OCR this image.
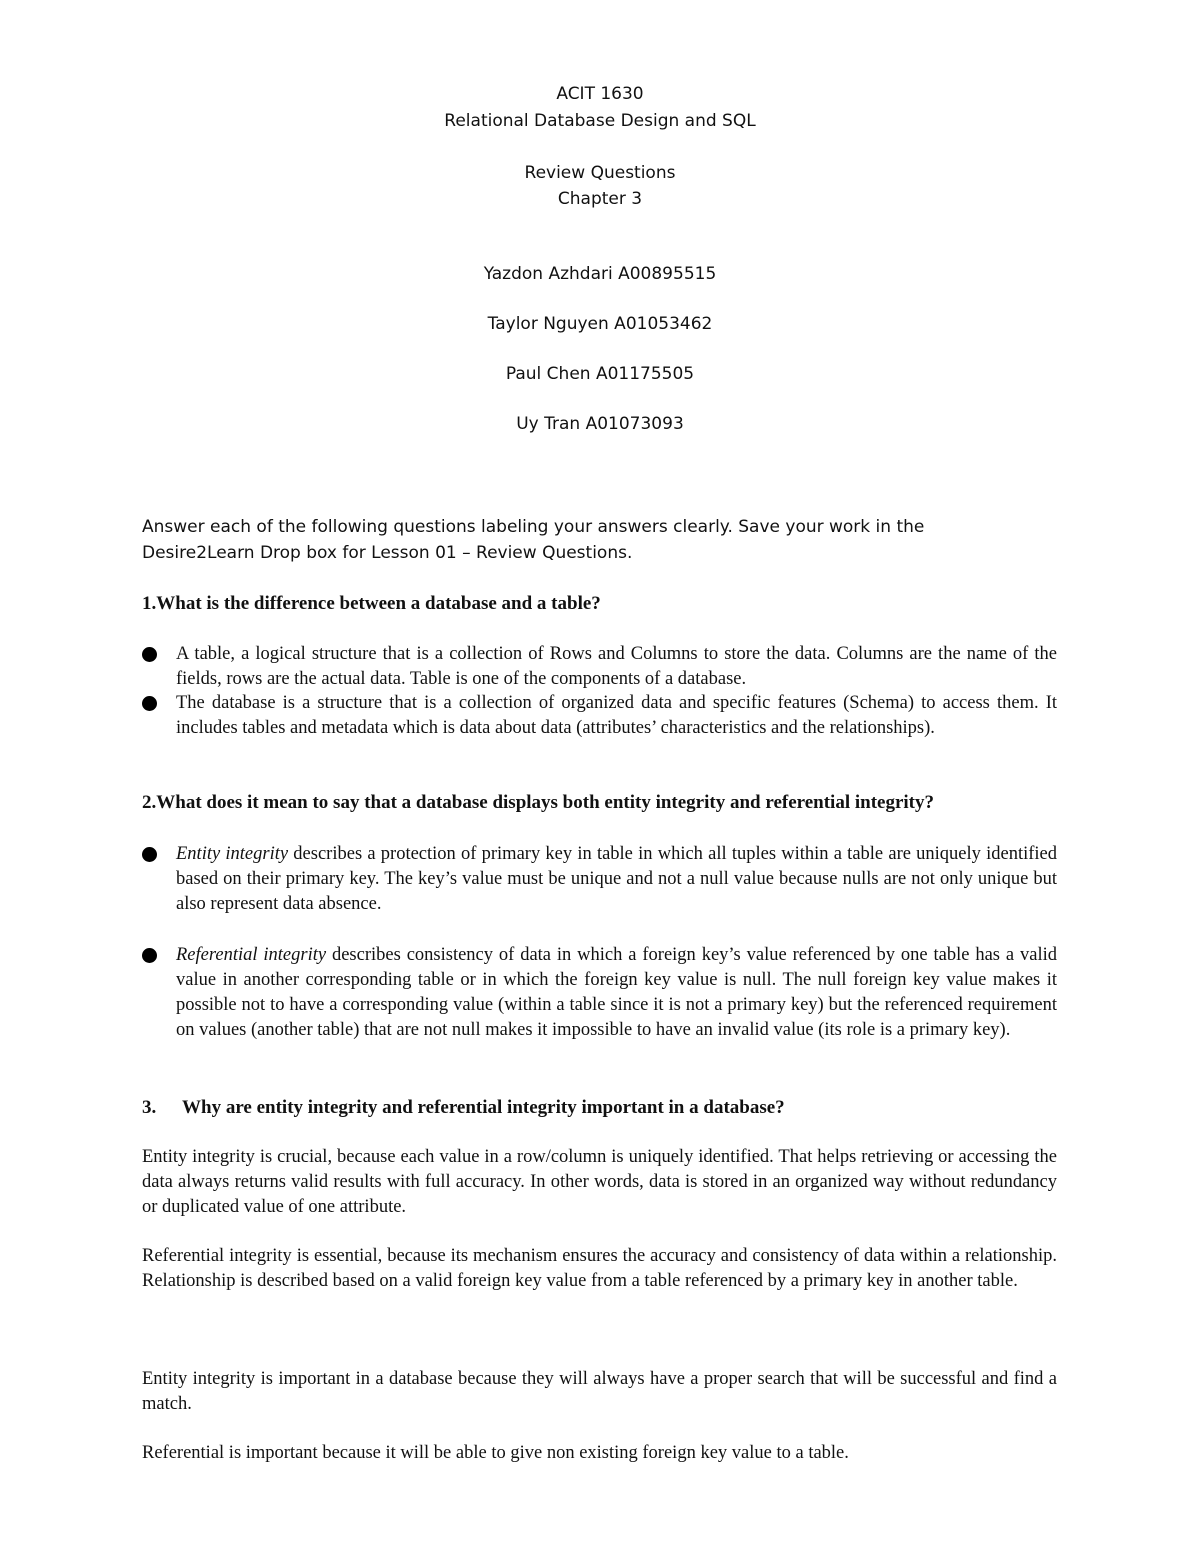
ACIT 1630
Relational Database Design and SQL
Review Questions
Chapter 3
Yazdon Azhdari A00895515
Taylor Nguyen A01053462
Paul Chen A01175505
Uy Tran A01073093
Answer each of the following questions labeling your answers clearly. Save your work in the
Desire2Learn Drop box for Lesson 01 – Review Questions.
1.What is the difference between a database and a table?
A table, a logical structure that is a collection of Rows and Columns to store the data. Columns are the name of the fields, rows are the actual data. Table is one of the components of a database.
The database is a structure that is a collection of organized data and specific features (Schema) to access them. It includes tables and metadata which is data about data (attributes’ characteristics and the relationships).
2.What does it mean to say that a database displays both entity integrity and referential integrity?
Entity integrity describes a protection of primary key in table in which all tuples within a table are uniquely identified based on their primary key. The key’s value must be unique and not a null value because nulls are not only unique but also represent data absence.
Referential integrity describes consistency of data in which a foreign key’s value referenced by one table has a valid value in another corresponding table or in which the foreign key value is null. The null foreign key value makes it possible not to have a corresponding value (within a table since it is not a primary key) but the referenced requirement on values (another table) that are not null makes it impossible to have an invalid value (its role is a primary key).
3. Why are entity integrity and referential integrity important in a database?
Entity integrity is crucial, because each value in a row/column is uniquely identified. That helps retrieving or accessing the data always returns valid results with full accuracy. In other words, data is stored in an organized way without redundancy or duplicated value of one attribute.
Referential integrity is essential, because its mechanism ensures the accuracy and consistency of data within a relationship. Relationship is described based on a valid foreign key value from a table referenced by a primary key in another table.
Entity integrity is important in a database because they will always have a proper search that will be successful and find a match.
Referential is important because it will be able to give non existing foreign key value to a table.
